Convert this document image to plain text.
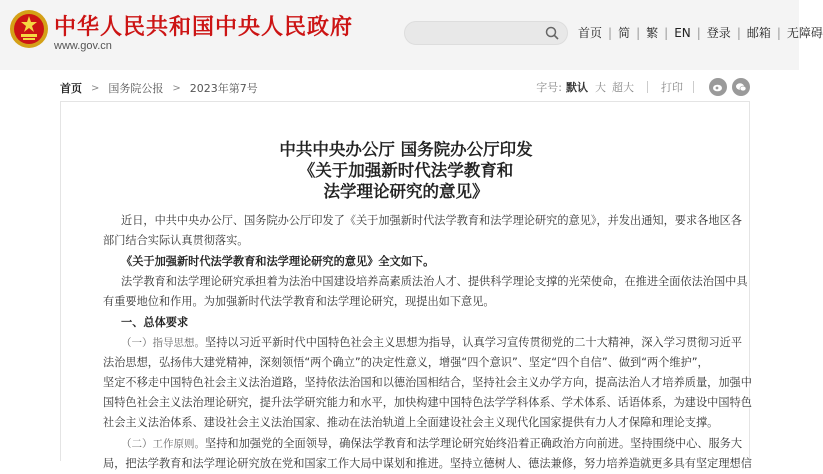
中华人民共和国中央人民政府
www.gov.cn
首页 | 简 | 繁 | EN | 登录 | 邮箱 | 无障碍
首页 > 国务院公报 > 2023年第7号	字号: 默认 大 超大 打印
中共中央办公厅 国务院办公厅印发
《关于加强新时代法学教育和
法学理论研究的意见》
近日，中共中央办公厅、国务院办公厅印发了《关于加强新时代法学教育和法学理论研究的意见》，并发出通知，要求各地区各
部门结合实际认真贯彻落实。
《关于加强新时代法学教育和法学理论研究的意见》全文如下。
法学教育和法学理论研究承担着为法治中国建设培养高素质法治人才、提供科学理论支撑的光荣使命，在推进全面依法治国中具
有重要地位和作用。为加强新时代法学教育和法学理论研究，现提出如下意见。
一、总体要求
（一）指导思想。坚持以习近平新时代中国特色社会主义思想为指导，认真学习宣传贯彻党的二十大精神，深入学习贯彻习近平
法治思想，弘扬伟大建党精神，深刻领悟“两个确立”的决定性意义，增强“四个意识”、坚定“四个自信”、做到“两个维护”，
坚定不移走中国特色社会主义法治道路，坚持依法治国和以德治国相结合，坚持社会主义办学方向，提高法治人才培养质量，加强中
国特色社会主义法治理论研究，提升法学研究能力和水平，加快构建中国特色法学学科体系、学术体系、话语体系，为建设中国特色
社会主义法治体系、建设社会主义法治国家、推动在法治轨道上全面建设社会主义现代化国家提供有力人才保障和理论支撑。
（二）工作原则。坚持和加强党的全面领导，确保法学教育和法学理论研究始终沿着正确政治方向前进。坚持围绕中心、服务大
局，把法学教育和法学理论研究放在党和国家工作大局中谋划和推进。坚持立德树人、德法兼修，努力培养造就更多具有坚定理想信
